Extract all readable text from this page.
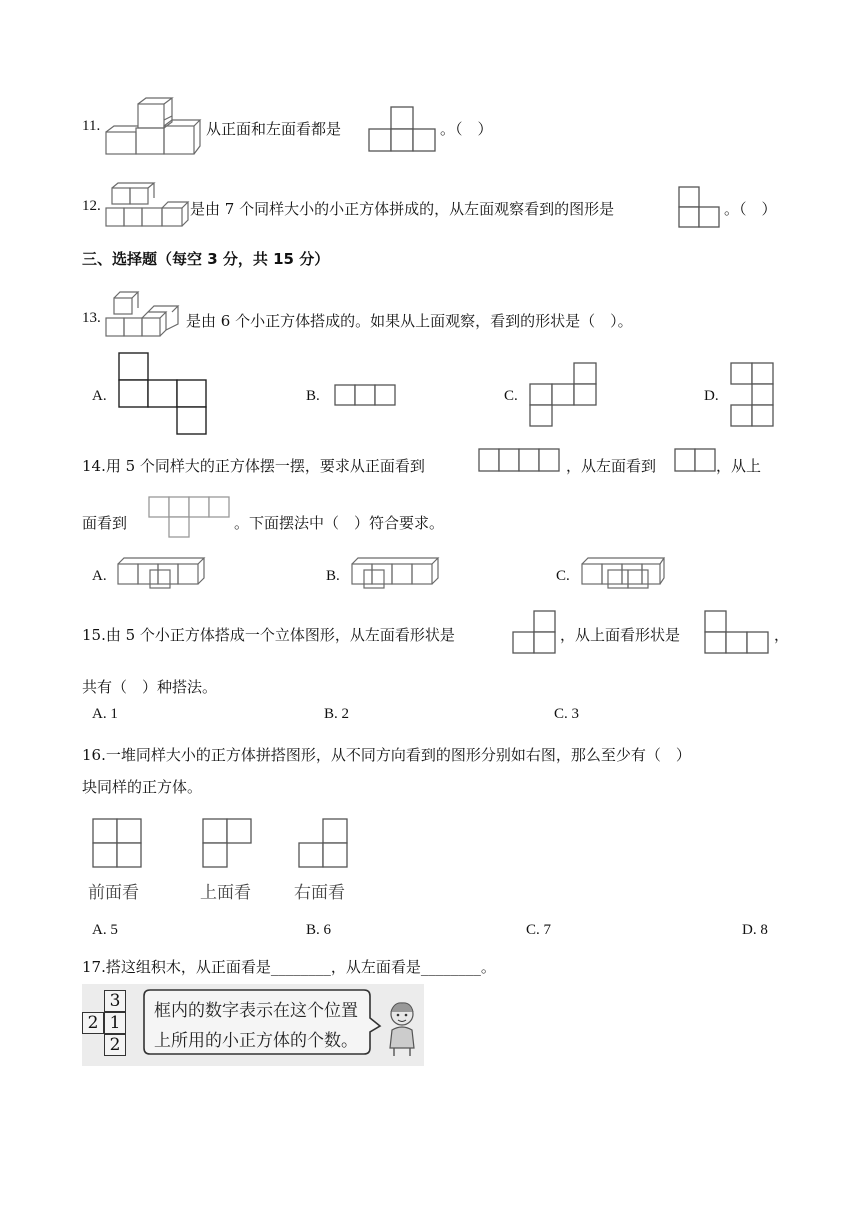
11.	从正面和左面看都是	。（　）
12.	是由 7 个同样大小的小正方体拼成的，从左面观察看到的图形是	。（　）
三、选择题（每空 3 分，共 15 分）
13.	是由 6 个小正方体搭成的。如果从上面观察，看到的形状是（　）。
A.	B.	C.	D.
14.用 5 个同样大的正方体摆一摆，要求从正面看到	，从左面看到	，从上
面看到	。下面摆法中（　）符合要求。
A.	B.	C.
15.由 5 个小正方体搭成一个立体图形，从左面看形状是	，从上面看形状是	，
共有（　）种搭法。
A. 1	B. 2	C. 3
16.一堆同样大小的正方体拼搭图形，从不同方向看到的图形分别如右图，那么至少有（　）
块同样的正方体。
前面看	上面看	右面看
A. 5	B. 6	C. 7	D. 8
17.搭这组积木，从正面看是________，从左面看是________。
3
2 1
2
框内的数字表示在这个位置
上所用的小正方体的个数。
